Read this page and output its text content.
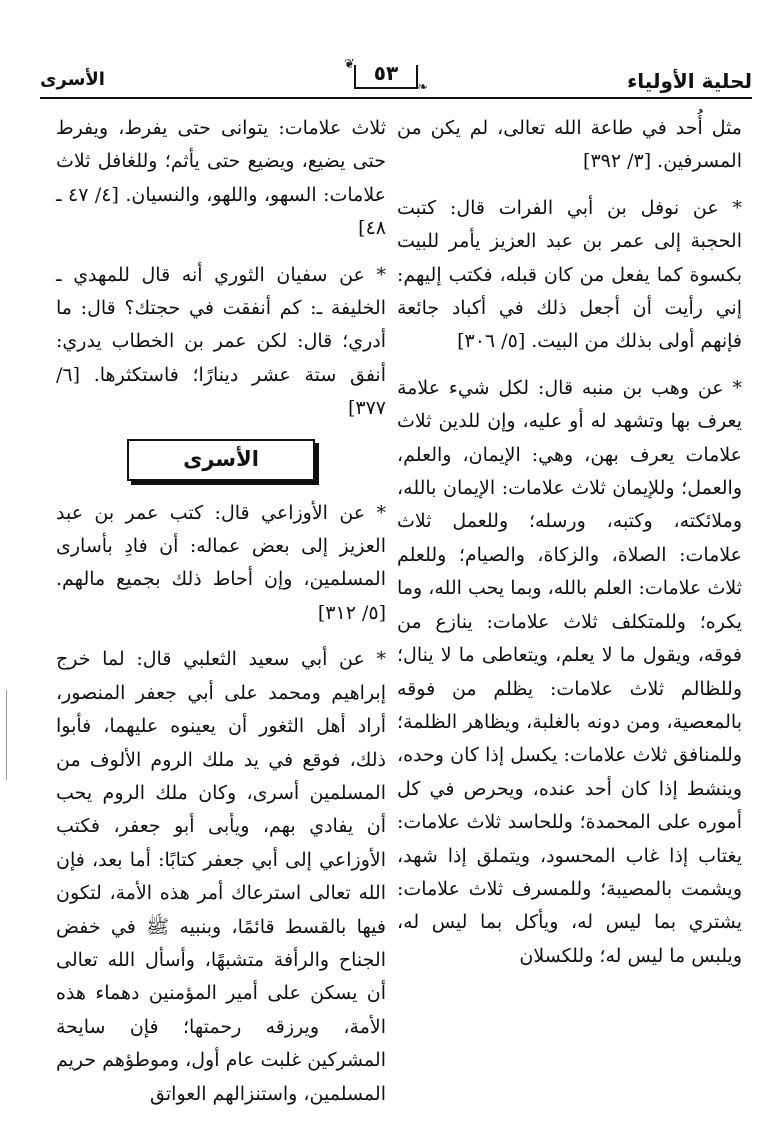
لحلية الأولياء
❦
❧
٥٣
الأسرى

مثل أُحد في طاعة الله تعالى، لم يكن من المسرفين. [٣/ ٣٩٢]

* عن نوفل بن أبي الفرات قال: كتبت الحجبة إلى عمر بن عبد العزيز يأمر للبيت بكسوة كما يفعل من كان قبله، فكتب إليهم: إني رأيت أن أجعل ذلك في أكباد جائعة فإنهم أولى بذلك من البيت. [٥/ ٣٠٦]

* عن وهب بن منبه قال: لكل شيء علامة يعرف بها وتشهد له أو عليه، وإن للدين ثلاث علامات يعرف بهن، وهي: الإيمان، والعلم، والعمل؛ وللإيمان ثلاث علامات: الإيمان بالله، وملائكته، وكتبه، ورسله؛ وللعمل ثلاث علامات: الصلاة، والزكاة، والصيام؛ وللعلم ثلاث علامات: العلم بالله، وبما يحب الله، وما يكره؛ وللمتكلف ثلاث علامات: ينازع من فوقه، ويقول ما لا يعلم، ويتعاطى ما لا ينال؛ وللظالم ثلاث علامات: يظلم من فوقه بالمعصية، ومن دونه بالغلبة، ويظاهر الظلمة؛ وللمنافق ثلاث علامات: يكسل إذا كان وحده، وينشط إذا كان أحد عنده، ويحرص في كل أموره على المحمدة؛ وللحاسد ثلاث علامات: يغتاب إذا غاب المحسود، ويتملق إذا شهد، ويشمت بالمصيبة؛ وللمسرف ثلاث علامات: يشتري بما ليس له، ويأكل بما ليس له، ويلبس ما ليس له؛ وللكسلان

ثلاث علامات: يتوانى حتى يفرط، ويفرط حتى يضيع، ويضيع حتى يأثم؛ وللغافل ثلاث علامات: السهو، واللهو، والنسيان. [٤/ ٤٧ ـ ٤٨]

* عن سفيان الثوري أنه قال للمهدي ـ الخليفة ـ: كم أنفقت في حجتك؟ قال: ما أدري؛ قال: لكن عمر بن الخطاب يدري: أنفق ستة عشر دينارًا؛ فاستكثرها. [٦/ ٣٧٧]

الأسرى

* عن الأوزاعي قال: كتب عمر بن عبد العزيز إلى بعض عماله: أن فادِ بأسارى المسلمين، وإن أحاط ذلك بجميع مالهم. [٥/ ٣١٢]

* عن أبي سعيد الثعلبي قال: لما خرج إبراهيم ومحمد على أبي جعفر المنصور، أراد أهل الثغور أن يعينوه عليهما، فأبوا ذلك، فوقع في يد ملك الروم الألوف من المسلمين أسرى، وكان ملك الروم يحب أن يفادي بهم، ويأبى أبو جعفر، فكتب الأوزاعي إلى أبي جعفر كتابًا: أما بعد، فإن الله تعالى استرعاك أمر هذه الأمة، لتكون فيها بالقسط قائمًا، وبنبيه ﷺ في خفض الجناح والرأفة متشبهًا، وأسأل الله تعالى أن يسكن على أمير المؤمنين دهماء هذه الأمة، ويرزقه رحمتها؛ فإن سايحة المشركين غلبت عام أول، وموطؤهم حريم المسلمين، واستنزالهم العواتق
